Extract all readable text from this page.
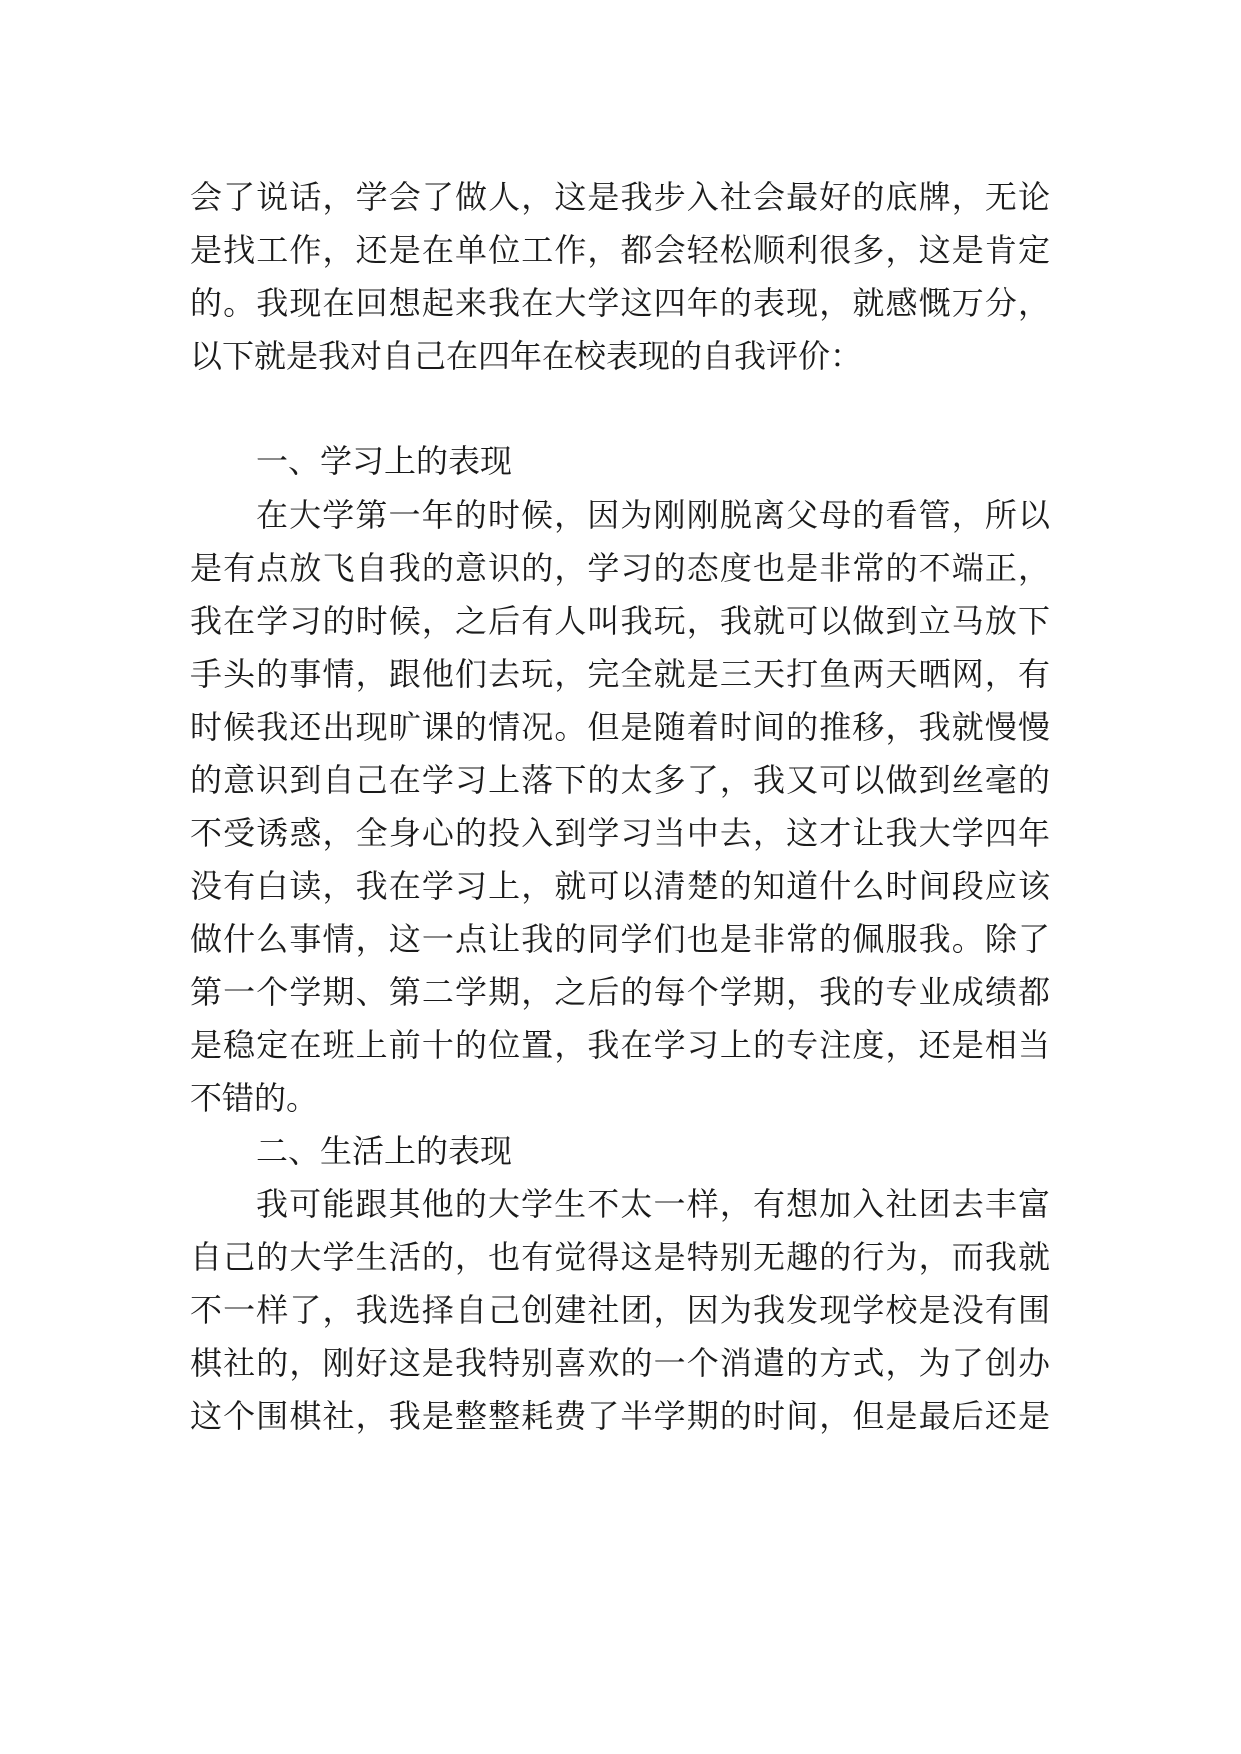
会了说话，学会了做人，这是我步入社会最好的底牌，无论
是找工作，还是在单位工作，都会轻松顺利很多，这是肯定
的。我现在回想起来我在大学这四年的表现，就感慨万分，
以下就是我对自己在四年在校表现的自我评价：
一、学习上的表现
在大学第一年的时候，因为刚刚脱离父母的看管，所以
是有点放飞自我的意识的，学习的态度也是非常的不端正，
我在学习的时候，之后有人叫我玩，我就可以做到立马放下
手头的事情，跟他们去玩，完全就是三天打鱼两天晒网，有
时候我还出现旷课的情况。但是随着时间的推移，我就慢慢
的意识到自己在学习上落下的太多了，我又可以做到丝毫的
不受诱惑，全身心的投入到学习当中去，这才让我大学四年
没有白读，我在学习上，就可以清楚的知道什么时间段应该
做什么事情，这一点让我的同学们也是非常的佩服我。除了
第一个学期、第二学期，之后的每个学期，我的专业成绩都
是稳定在班上前十的位置，我在学习上的专注度，还是相当
不错的。
二、生活上的表现
我可能跟其他的大学生不太一样，有想加入社团去丰富
自己的大学生活的，也有觉得这是特别无趣的行为，而我就
不一样了，我选择自己创建社团，因为我发现学校是没有围
棋社的，刚好这是我特别喜欢的一个消遣的方式，为了创办
这个围棋社，我是整整耗费了半学期的时间，但是最后还是
